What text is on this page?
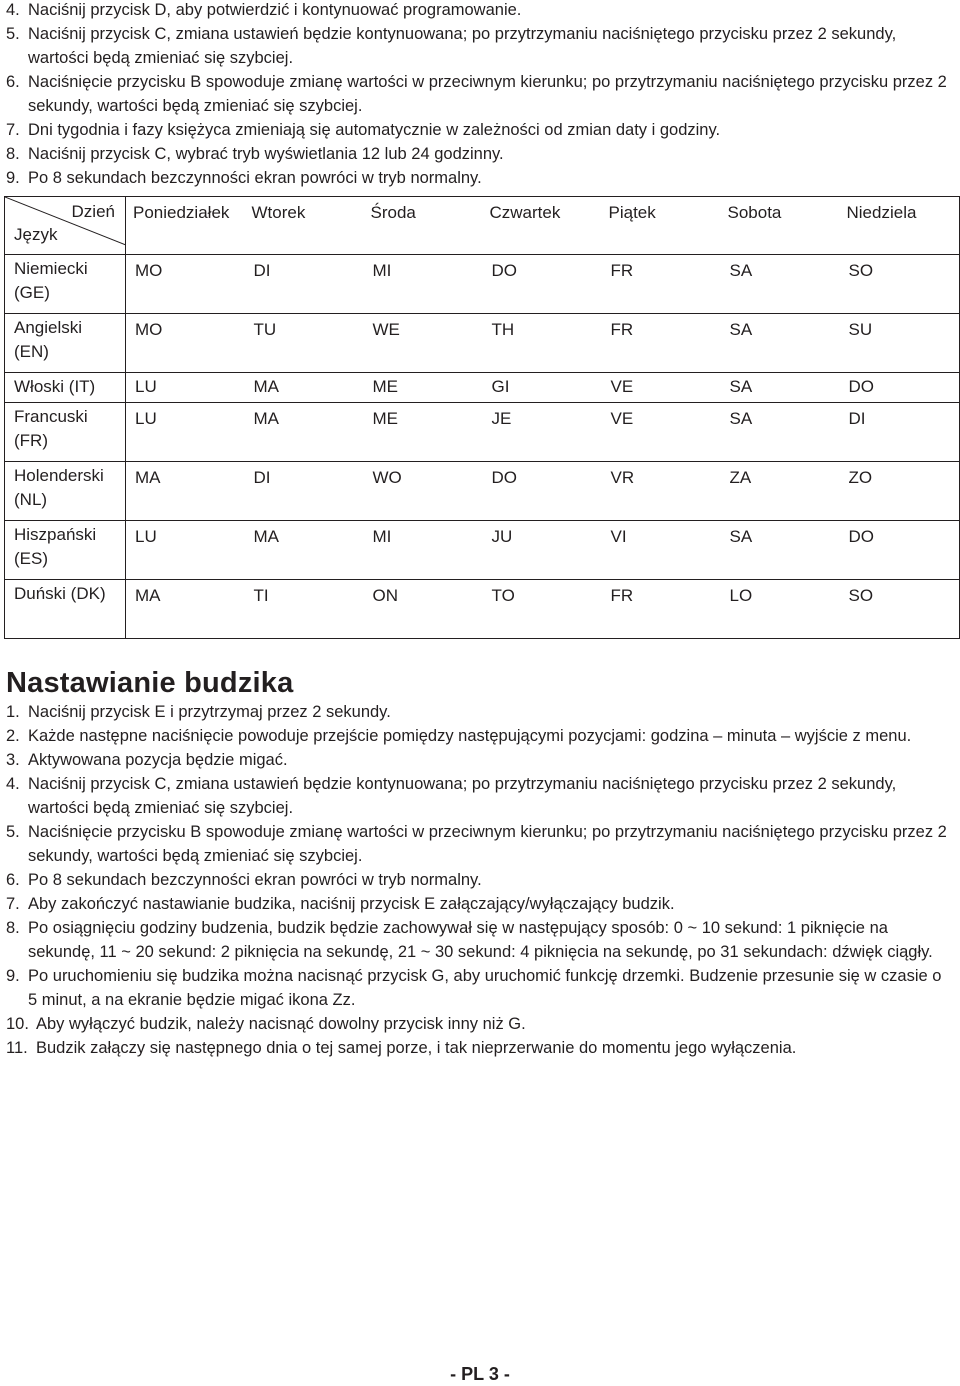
4. Naciśnij przycisk D, aby potwierdzić i kontynuować programowanie.
5. Naciśnij przycisk C, zmiana ustawień będzie kontynuowana; po przytrzymaniu naciśniętego przycisku przez 2 sekundy, wartości będą zmieniać się szybciej.
6. Naciśnięcie przycisku B spowoduje zmianę wartości w przeciwnym kierunku; po przytrzymaniu naciśniętego przycisku przez 2 sekundy, wartości będą zmieniać się szybciej.
7. Dni tygodnia i fazy księżyca zmieniają się automatycznie w zależności od zmian daty i godziny.
8. Naciśnij przycisk C, wybrać tryb wyświetlania 12 lub 24 godzinny.
9. Po 8 sekundach bezczynności ekran powróci w tryb normalny.
Dzień
Język	Poniedziałek	Wtorek	Środa	Czwartek	Piątek	Sobota	Niedziela
Niemiecki (GE)	MO	DI	MI	DO	FR	SA	SO
Angielski (EN)	MO	TU	WE	TH	FR	SA	SU
Włoski (IT)	LU	MA	ME	GI	VE	SA	DO
Francuski (FR)	LU	MA	ME	JE	VE	SA	DI
Holenderski (NL)	MA	DI	WO	DO	VR	ZA	ZO
Hiszpański (ES)	LU	MA	MI	JU	VI	SA	DO
Duński (DK)	MA	TI	ON	TO	FR	LO	SO
Nastawianie budzika
1. Naciśnij przycisk E i przytrzymaj przez 2 sekundy.
2. Każde następne naciśnięcie powoduje przejście pomiędzy następującymi pozycjami: godzina – minuta – wyjście z menu.
3. Aktywowana pozycja będzie migać.
4. Naciśnij przycisk C, zmiana ustawień będzie kontynuowana; po przytrzymaniu naciśniętego przycisku przez 2 sekundy, wartości będą zmieniać się szybciej.
5. Naciśnięcie przycisku B spowoduje zmianę wartości w przeciwnym kierunku; po przytrzymaniu naciśniętego przycisku przez 2 sekundy, wartości będą zmieniać się szybciej.
6. Po 8 sekundach bezczynności ekran powróci w tryb normalny.
7. Aby zakończyć nastawianie budzika, naciśnij przycisk E załączający/wyłączający budzik.
8. Po osiągnięciu godziny budzenia, budzik będzie zachowywał się w następujący sposób: 0 ~ 10 sekund: 1 piknięcie na sekundę, 11 ~ 20 sekund: 2 piknięcia na sekundę, 21 ~ 30 sekund: 4 piknięcia na sekundę, po 31 sekundach: dźwięk ciągły.
9. Po uruchomieniu się budzika można nacisnąć przycisk G, aby uruchomić funkcję drzemki. Budzenie przesunie się w czasie o 5 minut, a na ekranie będzie migać ikona Zz.
10. Aby wyłączyć budzik, należy nacisnąć dowolny przycisk inny niż G.
11. Budzik załączy się następnego dnia o tej samej porze, i tak nieprzerwanie do momentu jego wyłączenia.
- PL 3 -
